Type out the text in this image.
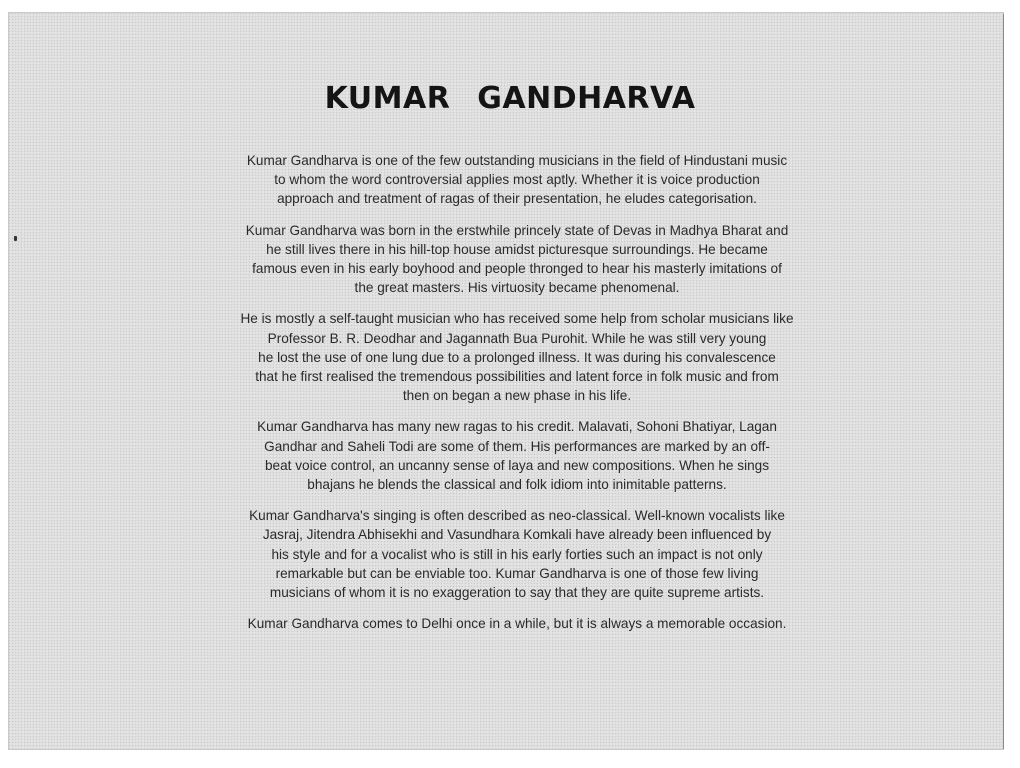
KUMAR GANDHARVA

Kumar Gandharva is one of the few outstanding musicians in the field of Hindustani music
to whom the word controversial applies most aptly. Whether it is voice production
approach and treatment of ragas of their presentation, he eludes categorisation.

Kumar Gandharva was born in the erstwhile princely state of Devas in Madhya Bharat and
he still lives there in his hill-top house amidst picturesque surroundings. He became
famous even in his early boyhood and people thronged to hear his masterly imitations of
the great masters. His virtuosity became phenomenal.

He is mostly a self-taught musician who has received some help from scholar musicians like
Professor B. R. Deodhar and Jagannath Bua Purohit. While he was still very young
he lost the use of one lung due to a prolonged illness. It was during his convalescence
that he first realised the tremendous possibilities and latent force in folk music and from
then on began a new phase in his life.

Kumar Gandharva has many new ragas to his credit. Malavati, Sohoni Bhatiyar, Lagan
Gandhar and Saheli Todi are some of them. His performances are marked by an off-
beat voice control, an uncanny sense of laya and new compositions. When he sings
bhajans he blends the classical and folk idiom into inimitable patterns.

Kumar Gandharva's singing is often described as neo-classical. Well-known vocalists like
Jasraj, Jitendra Abhisekhi and Vasundhara Komkali have already been influenced by
his style and for a vocalist who is still in his early forties such an impact is not only
remarkable but can be enviable too. Kumar Gandharva is one of those few living
musicians of whom it is no exaggeration to say that they are quite supreme artists.

Kumar Gandharva comes to Delhi once in a while, but it is always a memorable occasion.
